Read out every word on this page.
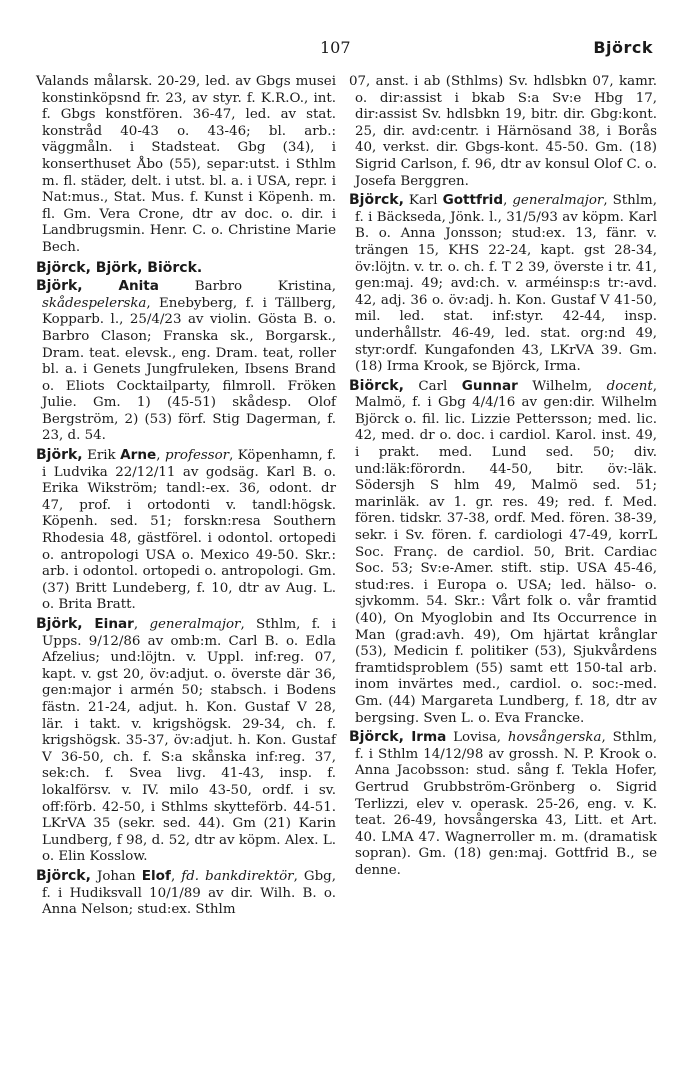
107	Björck

Valands målarsk. 20-29, led. av Gbgs musei konstinköpsnd fr. 23, av styr. f. K.R.O., int. f. Gbgs konstfören. 36-47, led. av stat. konstråd 40-43 o. 43-46; bl. arb.: väggmåln. i Stadsteat. Gbg (34), i konserthuset Åbo (55), separ:utst. i Sthlm m. fl. städer, delt. i utst. bl. a. i USA, repr. i Nat:mus., Stat. Mus. f. Kunst i Köpenh. m. fl. Gm. Vera Crone, dtr av doc. o. dir. i Landbrugsmin. Henr. C. o. Christine Marie Bech.

Björck, Björk, Biörck.

Björk,	Anita Barbro Kristina, skådespelerska, Enebyberg, f. i Tällberg, Kopparb. l., 25/4/23 av violin. Gösta B. o. Barbro Clason; Franska sk., Borgarsk., Dram. teat. elevsk., eng. Dram. teat, roller bl. a. i Genets Jungfruleken, Ibsens Brand o. Eliots Cocktailparty, filmroll. Fröken Julie. Gm. 1) (45-51) skådesp. Olof Bergström, 2) (53) förf. Stig Dagerman, f. 23, d. 54.

Björk, Erik Arne, professor, Köpenhamn, f. i Ludvika 22/12/11 av godsäg. Karl B. o. Erika Wikström; tandl:-ex. 36, odont. dr 47, prof. i ortodonti v. tandl:högsk. Köpenh. sed. 51; forskn:resa Southern Rhodesia 48, gästförel. i odontol. ortopedi o. antropologi USA o. Mexico 49-50. Skr.: arb. i odontol. ortopedi o. antropologi. Gm. (37) Britt Lundeberg, f. 10, dtr av Aug. L. o. Brita Bratt.

Björk, Einar, generalmajor, Sthlm, f. i Upps. 9/12/86 av omb:m. Carl B. o. Edla Afzelius; und:löjtn. v. Uppl. inf:reg. 07, kapt. v. gst 20, öv:adjut. o. överste där 36, gen:major i armén 50; stabsch. i Bodens fästn. 21-24, adjut. h. Kon. Gustaf V 28, lär. i takt. v. krigshögsk. 29-34, ch. f. krigshögsk. 35-37, öv:adjut. h. Kon. Gustaf V 36-50, ch. f. S:a skånska inf:reg. 37, sek:ch. f. Svea livg. 41-43, insp. f. lokalförsv. v. IV. milo 43-50, ordf. i sv. off:förb. 42-50, i Sthlms skytteförb. 44-51. LKrVA 35 (sekr. sed. 44). Gm (21) Karin Lundberg, f 98, d. 52, dtr av köpm. Alex. L. o. Elin Kosslow.

Björck, Johan Elof, fd. bankdirektör, Gbg, f. i Hudiksvall 10/1/89 av dir. Wilh. B. o. Anna Nelson; stud:ex. Sthlm

07, anst. i ab (Sthlms) Sv. hdlsbkn 07, kamr. o. dir:assist i bkab S:a Sv:e Hbg 17, dir:assist Sv. hdlsbkn 19, bitr. dir. Gbg:kont. 25, dir. avd:centr. i Härnösand 38, i Borås 40, verkst. dir. Gbgs-kont. 45-50. Gm. (18) Sigrid Carlson, f. 96, dtr av konsul Olof C. o. Josefa Berggren.

Björck, Karl Gottfrid, generalmajor, Sthlm, f. i Bäckseda, Jönk. l., 31/5/93 av köpm. Karl B. o. Anna Jonsson; stud:ex. 13, fänr. v. trängen 15, KHS 22-24, kapt. gst 28-34, öv:löjtn. v. tr. o. ch. f. T 2 39, överste i tr. 41, gen:maj. 49; avd:ch. v. arméinsp:s tr:-avd. 42, adj. 36 o. öv:adj. h. Kon. Gustaf V 41-50, mil. led. stat. inf:styr. 42-44, insp. underhållstr. 46-49, led. stat. org:nd 49, styr:ordf. Kungafonden 43, LKrVA 39. Gm. (18) Irma Krook, se Björck, Irma.

Biörck, Carl Gunnar Wilhelm, docent, Malmö, f. i Gbg 4/4/16 av gen:dir. Wilhelm Björck o. fil. lic. Lizzie Pettersson; med. lic. 42, med. dr o. doc. i cardiol. Karol. inst. 49, i prakt. med. Lund sed. 50; div. und:läk:förordn. 44-50, bitr. öv:-läk. Södersjh S hlm 49, Malmö sed. 51; marinläk. av 1. gr. res. 49; red. f. Med. fören. tidskr. 37-38, ordf. Med. fören. 38-39, sekr. i Sv. fören. f. cardiologi 47-49, korrL Soc. Franç. de cardiol. 50, Brit. Cardiac Soc. 53; Sv:e-Amer. stift. stip. USA 45-46, stud:res. i Europa o. USA; led. hälso- o. sjvkomm. 54. Skr.: Vårt folk o. vår framtid (40), On Myoglobin and Its Occurrence in Man (grad:avh. 49), Om hjärtat krånglar (53), Medicin f. politiker (53), Sjukvårdens framtidsproblem (55) samt ett 150-tal arb. inom invärtes med., cardiol. o. soc:-med. Gm. (44) Margareta Lundberg, f. 18, dtr av bergsing. Sven L. o. Eva Francke.

Björck, Irma Lovisa, hovsångerska, Sthlm, f. i Sthlm 14/12/98 av grossh. N. P. Krook o. Anna Jacobsson: stud. sång f. Tekla Hofer, Gertrud Grubbström-Grönberg o. Sigrid Terlizzi, elev v. operask. 25-26, eng. v. K. teat. 26-49, hovsångerska 43, Litt. et Art. 40. LMA 47. Wagnerroller m. m. (dramatisk sopran). Gm. (18) gen:maj. Gottfrid B., se denne.
